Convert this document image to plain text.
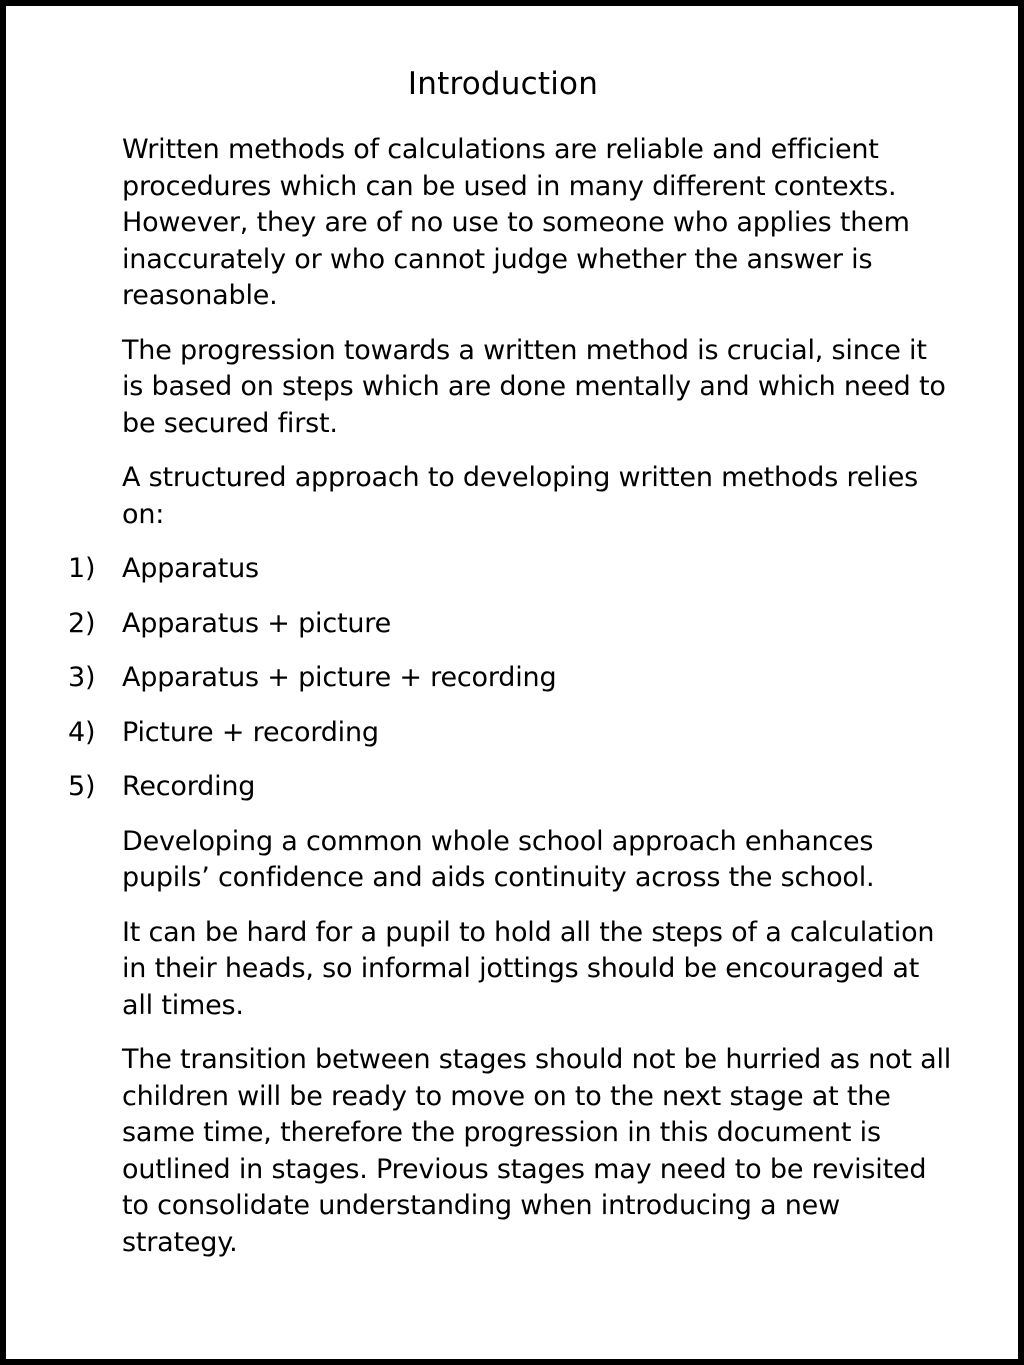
Introduction

Written methods of calculations are reliable and efficient procedures which can be used in many different contexts. However, they are of no use to someone who applies them inaccurately or who cannot judge whether the answer is reasonable.

The progression towards a written method is crucial, since it is based on steps which are done mentally and which need to be secured first.

A structured approach to developing written methods relies on:

1) Apparatus
2) Apparatus + picture
3) Apparatus + picture + recording
4) Picture + recording
5) Recording

Developing a common whole school approach enhances pupils’ confidence and aids continuity across the school.

It can be hard for a pupil to hold all the steps of a calculation in their heads, so informal jottings should be encouraged at all times.

The transition between stages should not be hurried as not all children will be ready to move on to the next stage at the same time, therefore the progression in this document is outlined in stages. Previous stages may need to be revisited to consolidate understanding when introducing a new strategy.
